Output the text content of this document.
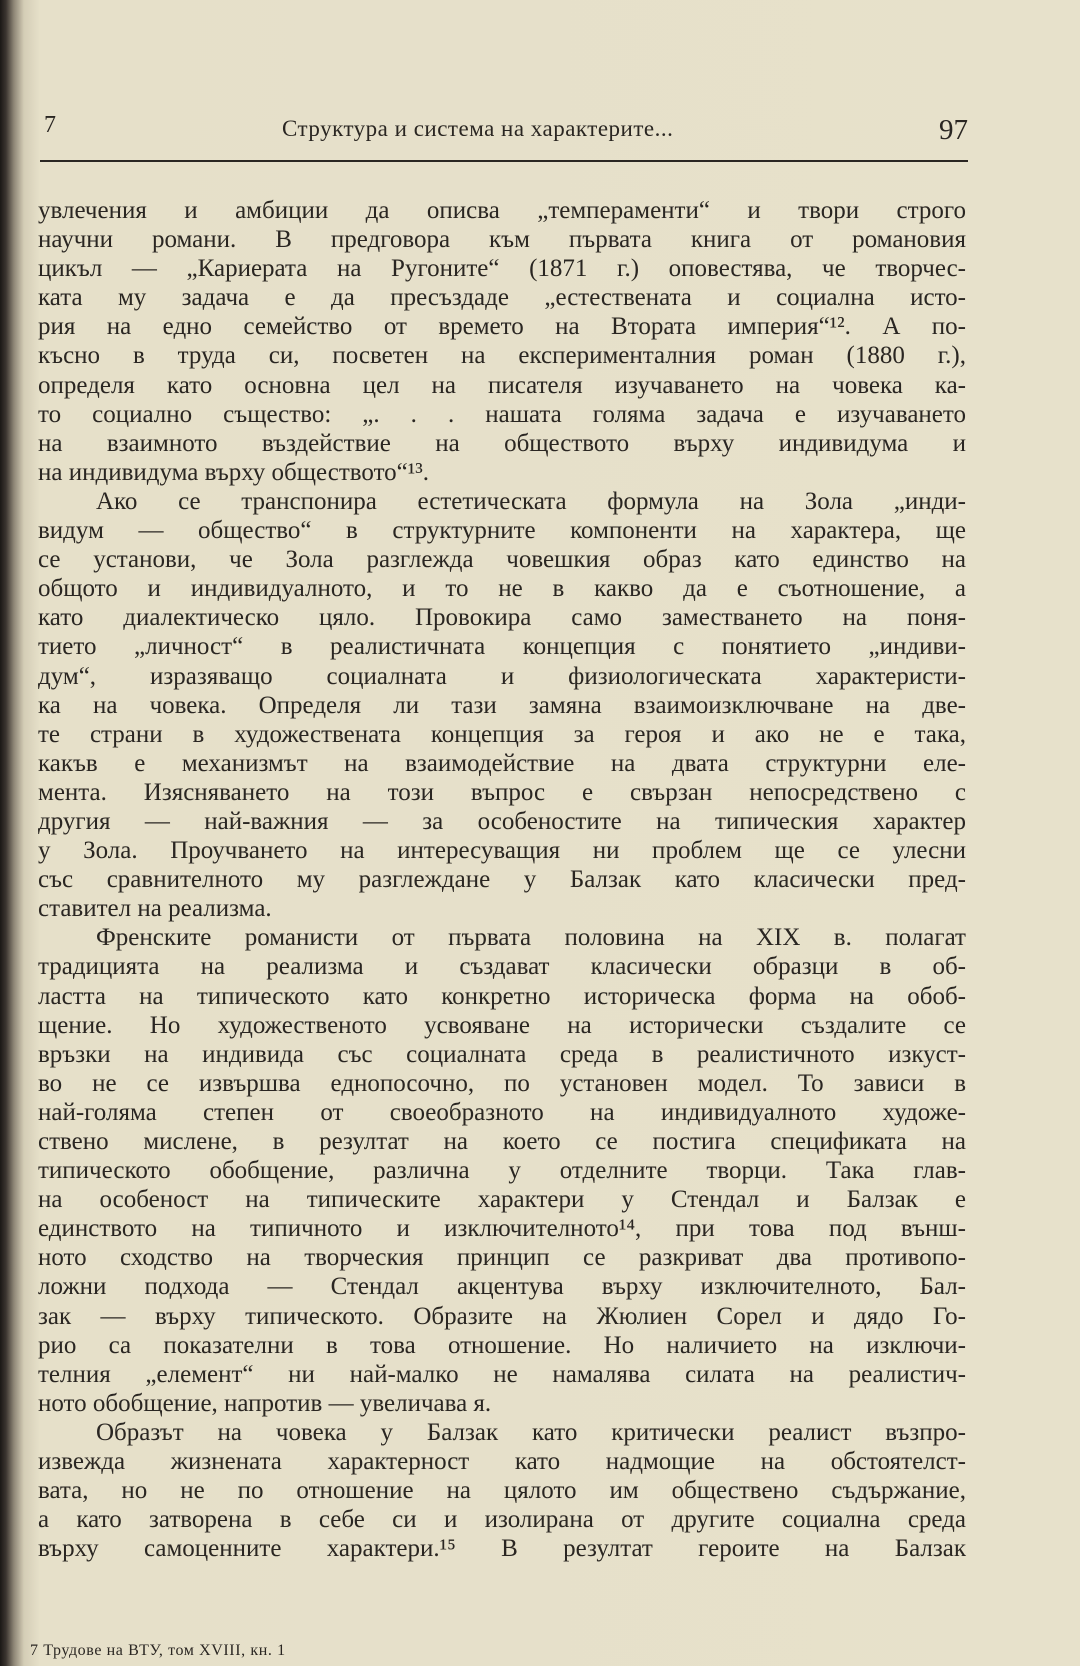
7	Структура и система на характерите...	97
увлечения и амбиции да описва „темпераменти“ и твори строго
научни романи. В предговора към първата книга от романовия
цикъл — „Кариерата на Ругоните“ (1871 г.) оповестява, че творчес-
ката му задача е да пресъздаде „естествената и социална исто-
рия на едно семейство от времето на Втората империя“¹². А по-
късно в труда си, посветен на експерименталния роман (1880 г.),
определя като основна цел на писателя изучаването на човека ка-
то социално същество: „. . . нашата голяма задача е изучаването
на взаимното въздействие на обществото върху индивидума и
на индивидума върху обществото“¹³.
Ако се транспонира естетическата формула на Зола „инди-
видум — общество“ в структурните компоненти на характера, ще
се установи, че Зола разглежда човешкия образ като единство на
общото и индивидуалното, и то не в какво да е съотношение, а
като диалектическо цяло. Провокира само заместването на поня-
тието „личност“ в реалистичната концепция с понятието „индиви-
дум“, изразяващо социалната и физиологическата характеристи-
ка на човека. Определя ли тази замяна взаимоизключване на две-
те страни в художествената концепция за героя и ако не е така,
какъв е механизмът на взаимодействие на двата структурни еле-
мента. Изясняването на този въпрос е свързан непосредствено с
другия — най-важния — за особеностите на типическия характер
у Зола. Проучването на интересуващия ни проблем ще се улесни
със сравнителното му разглеждане у Балзак като класически пред-
ставител на реализма.
Френските романисти от първата половина на XIX в. полагат
традицията на реализма и създават класически образци в об-
ластта на типическото като конкретно историческа форма на обоб-
щение. Но художественото усвояване на исторически създалите се
връзки на индивида със социалната среда в реалистичното изкуст-
во не се извършва еднопосочно, по установен модел. То зависи в
най-голяма степен от своеобразното на индивидуалното художе-
ствено мислене, в резултат на което се постига спецификата на
типическото обобщение, различна у отделните творци. Така глав-
на особеност на типическите характери у Стендал и Балзак е
единството на типичното и изключителното¹⁴, при това под външ-
ното сходство на творческия принцип се разкриват два противопо-
ложни подхода — Стендал акцентува върху изключителното, Бал-
зак — върху типическото. Образите на Жюлиен Сорел и дядо Го-
рио са показателни в това отношение. Но наличието на изключи-
телния „елемент“ ни най-малко не намалява силата на реалистич-
ното обобщение, напротив — увеличава я.
Образът на човека у Балзак като критически реалист възпро-
извежда жизнената характерност като надмощие на обстоятелст-
вата, но не по отношение на цялото им обществено съдържание,
а като затворена в себе си и изолирана от другите социална среда
върху самоценните характери.¹⁵ В резултат героите на Балзак
7 Трудове на ВТУ, том XVIII, кн. 1
